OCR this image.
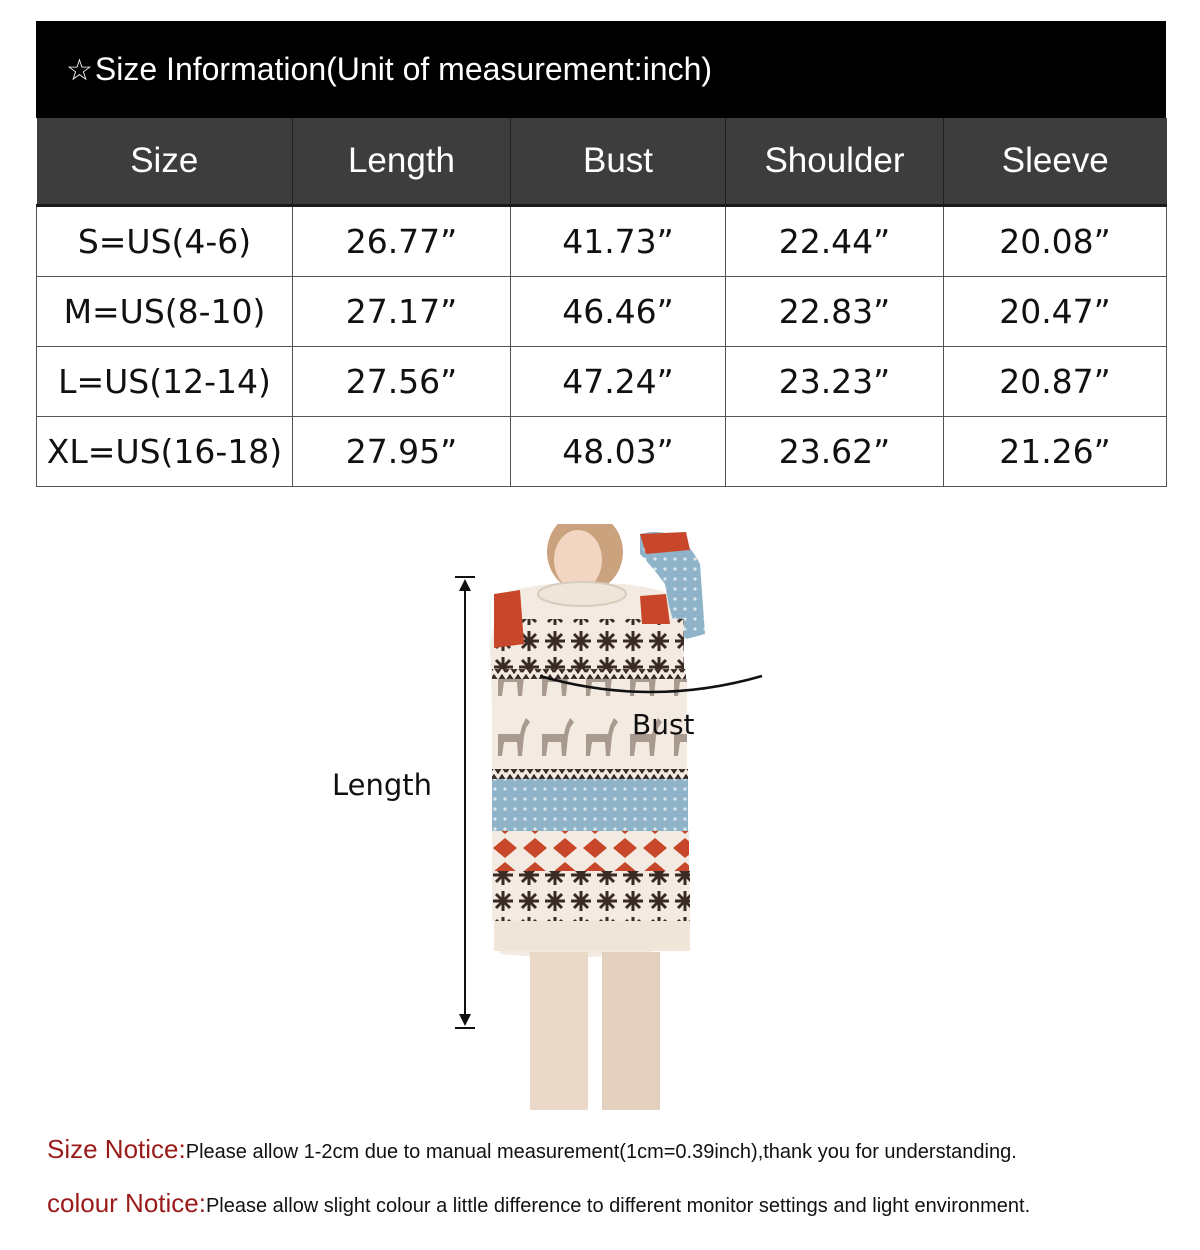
☆Size Information(Unit of measurement:inch)
Size	Length	Bust	Shoulder	Sleeve
S=US(4-6)	26.77”	41.73”	22.44”	20.08”
M=US(8-10)	27.17”	46.46”	22.83”	20.47”
L=US(12-14)	27.56”	47.24”	23.23”	20.87”
XL=US(16-18)	27.95”	48.03”	23.62”	21.26”
Bust
Length
Size Notice:Please allow 1-2cm due to manual measurement(1cm=0.39inch),thank you for understanding.
colour Notice:Please allow slight colour a little difference to different monitor settings and light environment.
